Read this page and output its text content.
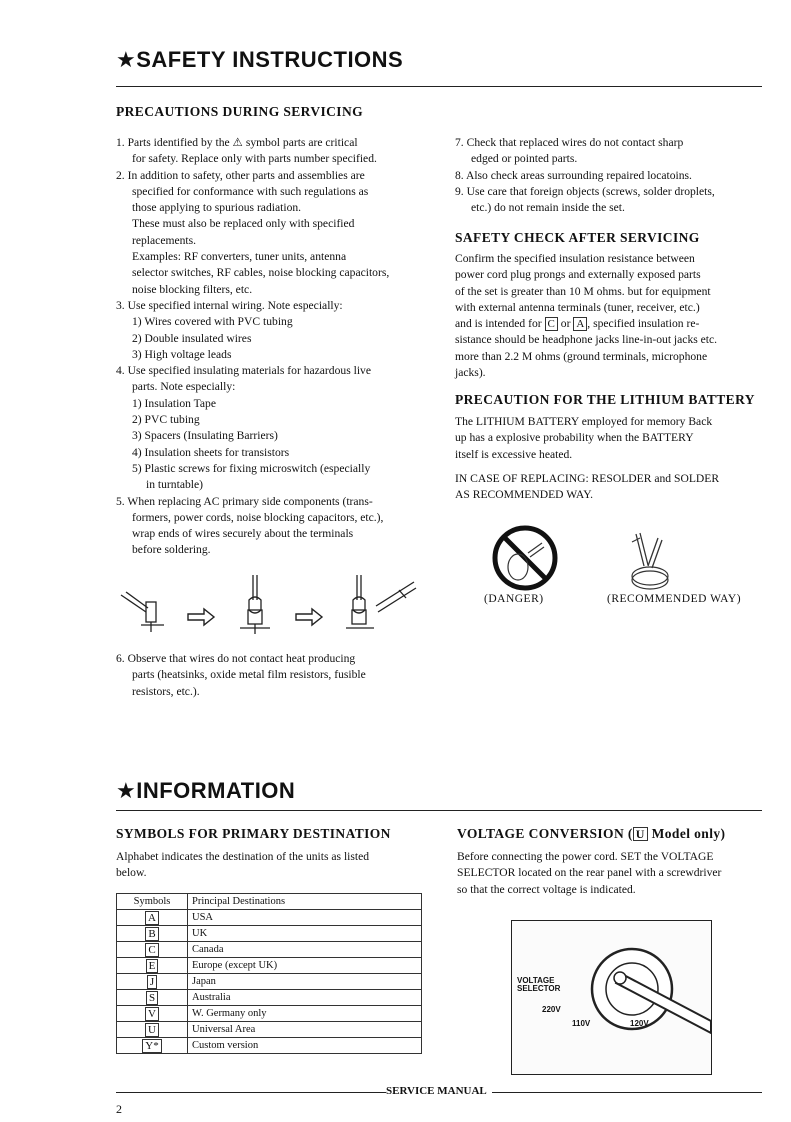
★SAFETY INSTRUCTIONS
PRECAUTIONS DURING SERVICING
1. Parts identified by the ⚠ symbol parts are critical
for safety. Replace only with parts number specified.
2. In addition to safety, other parts and assemblies are
specified for conformance with such regulations as
those applying to spurious radiation.
These must also be replaced only with specified
replacements.
Examples: RF converters, tuner units, antenna
selector switches, RF cables, noise blocking capacitors,
noise blocking filters, etc.
3. Use specified internal wiring. Note especially:
1) Wires covered with PVC tubing
2) Double insulated wires
3) High voltage leads
4. Use specified insulating materials for hazardous live
parts. Note especially:
1) Insulation Tape
2) PVC tubing
3) Spacers (Insulating Barriers)
4) Insulation sheets for transistors
5) Plastic screws for fixing microswitch (especially
in turntable)
5. When replacing AC primary side components (trans-
formers, power cords, noise blocking capacitors, etc.),
wrap ends of wires securely about the terminals
before soldering.
6. Observe that wires do not contact heat producing
parts (heatsinks, oxide metal film resistors, fusible
resistors, etc.).
7. Check that replaced wires do not contact sharp
edged or pointed parts.
8. Also check areas surrounding repaired locatoins.
9. Use care that foreign objects (screws, solder droplets,
etc.) do not remain inside the set.
SAFETY CHECK AFTER SERVICING
Confirm the specified insulation resistance between
power cord plug prongs and externally exposed parts
of the set is greater than 10 M ohms. but for equipment
with external antenna terminals (tuner, receiver, etc.)
and is intended for C or A , specified insulation re-
sistance should be headphone jacks line-in-out jacks etc.
more than 2.2 M ohms (ground terminals, microphone
jacks).
PRECAUTION FOR THE LITHIUM BATTERY
The LITHIUM BATTERY employed for memory Back
up has a explosive probability when the BATTERY
itself is excessive heated.
IN CASE OF REPLACING: RESOLDER and SOLDER
AS RECOMMENDED WAY.
(DANGER)	(RECOMMENDED WAY)
★INFORMATION
SYMBOLS FOR PRIMARY DESTINATION
Alphabet indicates the destination of the units as listed
below.
Symbols	Principal Destinations
A	USA
B	UK
C	Canada
E	Europe (except UK)
J	Japan
S	Australia
V	W. Germany only
U	Universal Area
Y*	Custom version
VOLTAGE CONVERSION ( U Model only)
Before connecting the power cord. SET the VOLTAGE
SELECTOR located on the rear panel with a screwdriver
so that the correct voltage is indicated.
VOLTAGE
SELECTOR
220V
110V	120V
SERVICE MANUAL
2
